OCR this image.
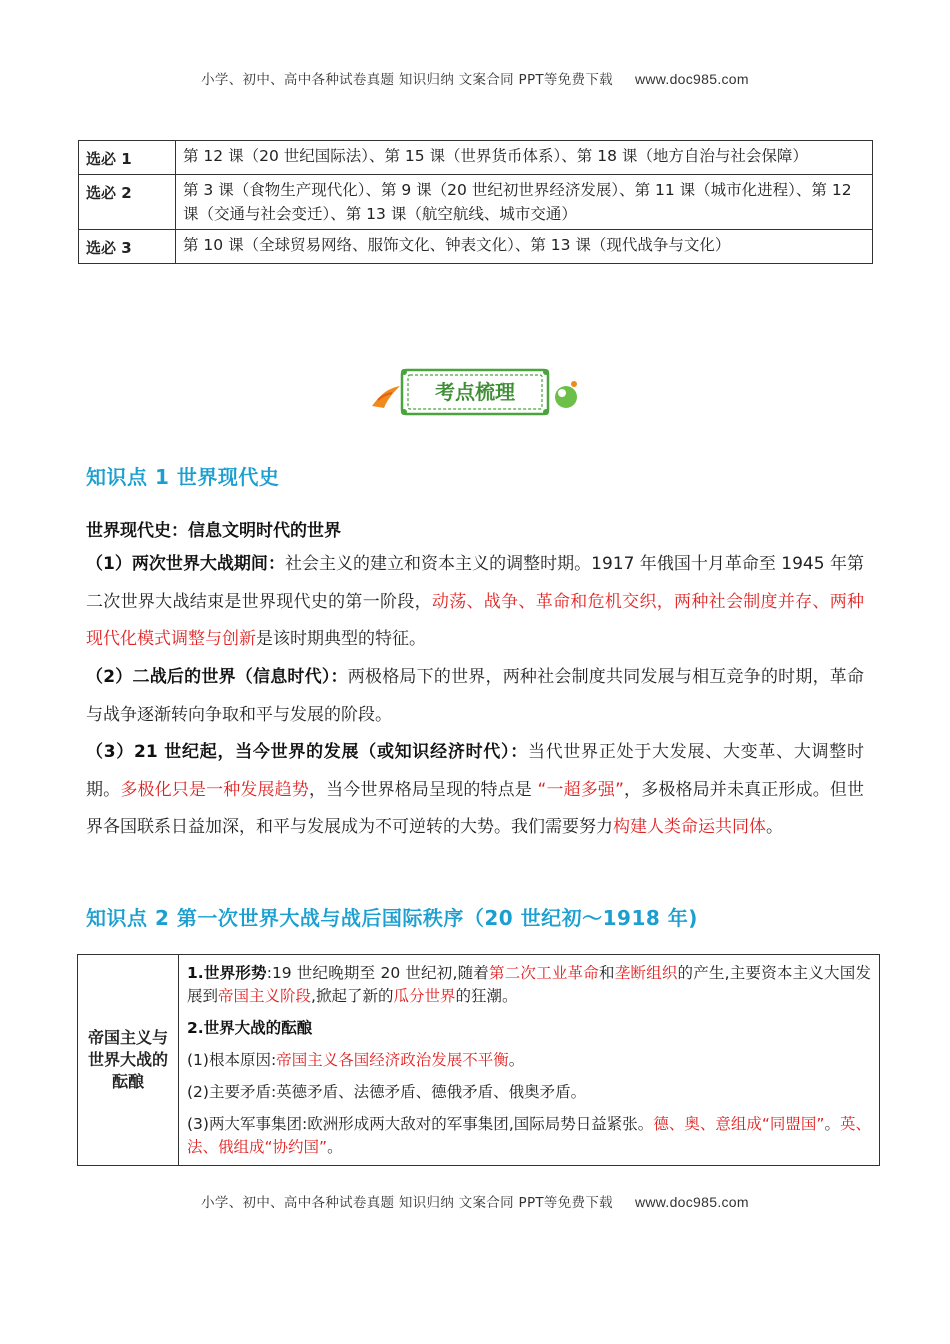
小学、初中、高中各种试卷真题 知识归纳 文案合同 PPT等免费下载 www.doc985.com
选必 1	第 12 课（20 世纪国际法）、第 15 课（世界货币体系）、第 18 课（地方自治与社会保障）
选必 2	第 3 课（食物生产现代化）、第 9 课（20 世纪初世界经济发展）、第 11 课（城市化进程）、第 12 课（交通与社会变迁）、第 13 课（航空航线、城市交通）
选必 3	第 10 课（全球贸易网络、服饰文化、钟表文化）、第 13 课（现代战争与文化）
考点梳理
知识点 1 世界现代史
世界现代史：信息文明时代的世界
（1）两次世界大战期间：社会主义的建立和资本主义的调整时期。1917 年俄国十月革命至 1945 年第二次世界大战结束是世界现代史的第一阶段，动荡、战争、革命和危机交织，两种社会制度并存、两种现代化模式调整与创新是该时期典型的特征。
（2）二战后的世界（信息时代）：两极格局下的世界，两种社会制度共同发展与相互竞争的时期，革命与战争逐渐转向争取和平与发展的阶段。
（3）21 世纪起，当今世界的发展（或知识经济时代）：当代世界正处于大发展、大变革、大调整时期。多极化只是一种发展趋势，当今世界格局呈现的特点是 “一超多强”，多极格局并未真正形成。但世界各国联系日益加深，和平与发展成为不可逆转的大势。我们需要努力构建人类命运共同体。
知识点 2 第一次世界大战与战后国际秩序（20 世纪初～1918 年)
帝国主义与世界大战的酝酿	
1.世界形势:19 世纪晚期至 20 世纪初,随着第二次工业革命和垄断组织的产生,主要资本主义大国发展到帝国主义阶段,掀起了新的瓜分世界的狂潮。
2.世界大战的酝酿
(1)根本原因:帝国主义各国经济政治发展不平衡。
(2)主要矛盾:英德矛盾、法德矛盾、德俄矛盾、俄奥矛盾。
(3)两大军事集团:欧洲形成两大敌对的军事集团,国际局势日益紧张。德、奥、意组成“同盟国”。英、法、俄组成“协约国”。
小学、初中、高中各种试卷真题 知识归纳 文案合同 PPT等免费下载 www.doc985.com
